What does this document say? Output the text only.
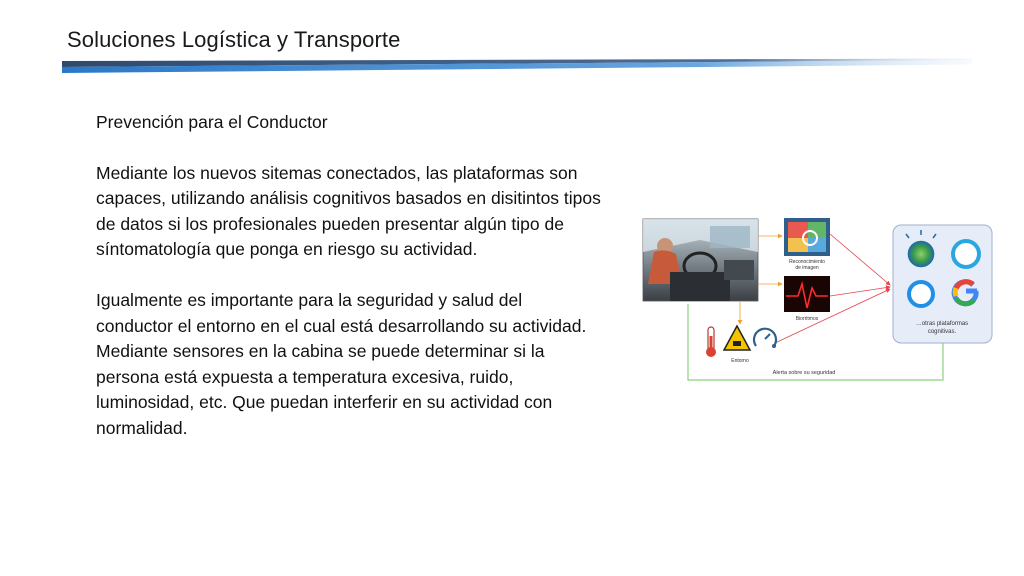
Soluciones Logística y Transporte

Prevención para el Conductor

Mediante los nuevos sitemas conectados, las plataformas son capaces, utilizando análisis cognitivos basados en disitintos tipos de datos si los profesionales pueden presentar algún tipo de síntomatología que ponga en riesgo su actividad.

Igualmente es importante para la seguridad y salud del conductor el entorno en el cual está desarrollando su actividad. Mediante sensores en la cabina se puede determinar si la persona está expuesta a temperatura excesiva, ruido, luminosidad, etc. Que puedan interferir en su actividad con normalidad.

Alerta sobre su seguridad
Reconocimiento
de imagen
Biorritmos
Entorno
…otras plataformas
cognitivas.
